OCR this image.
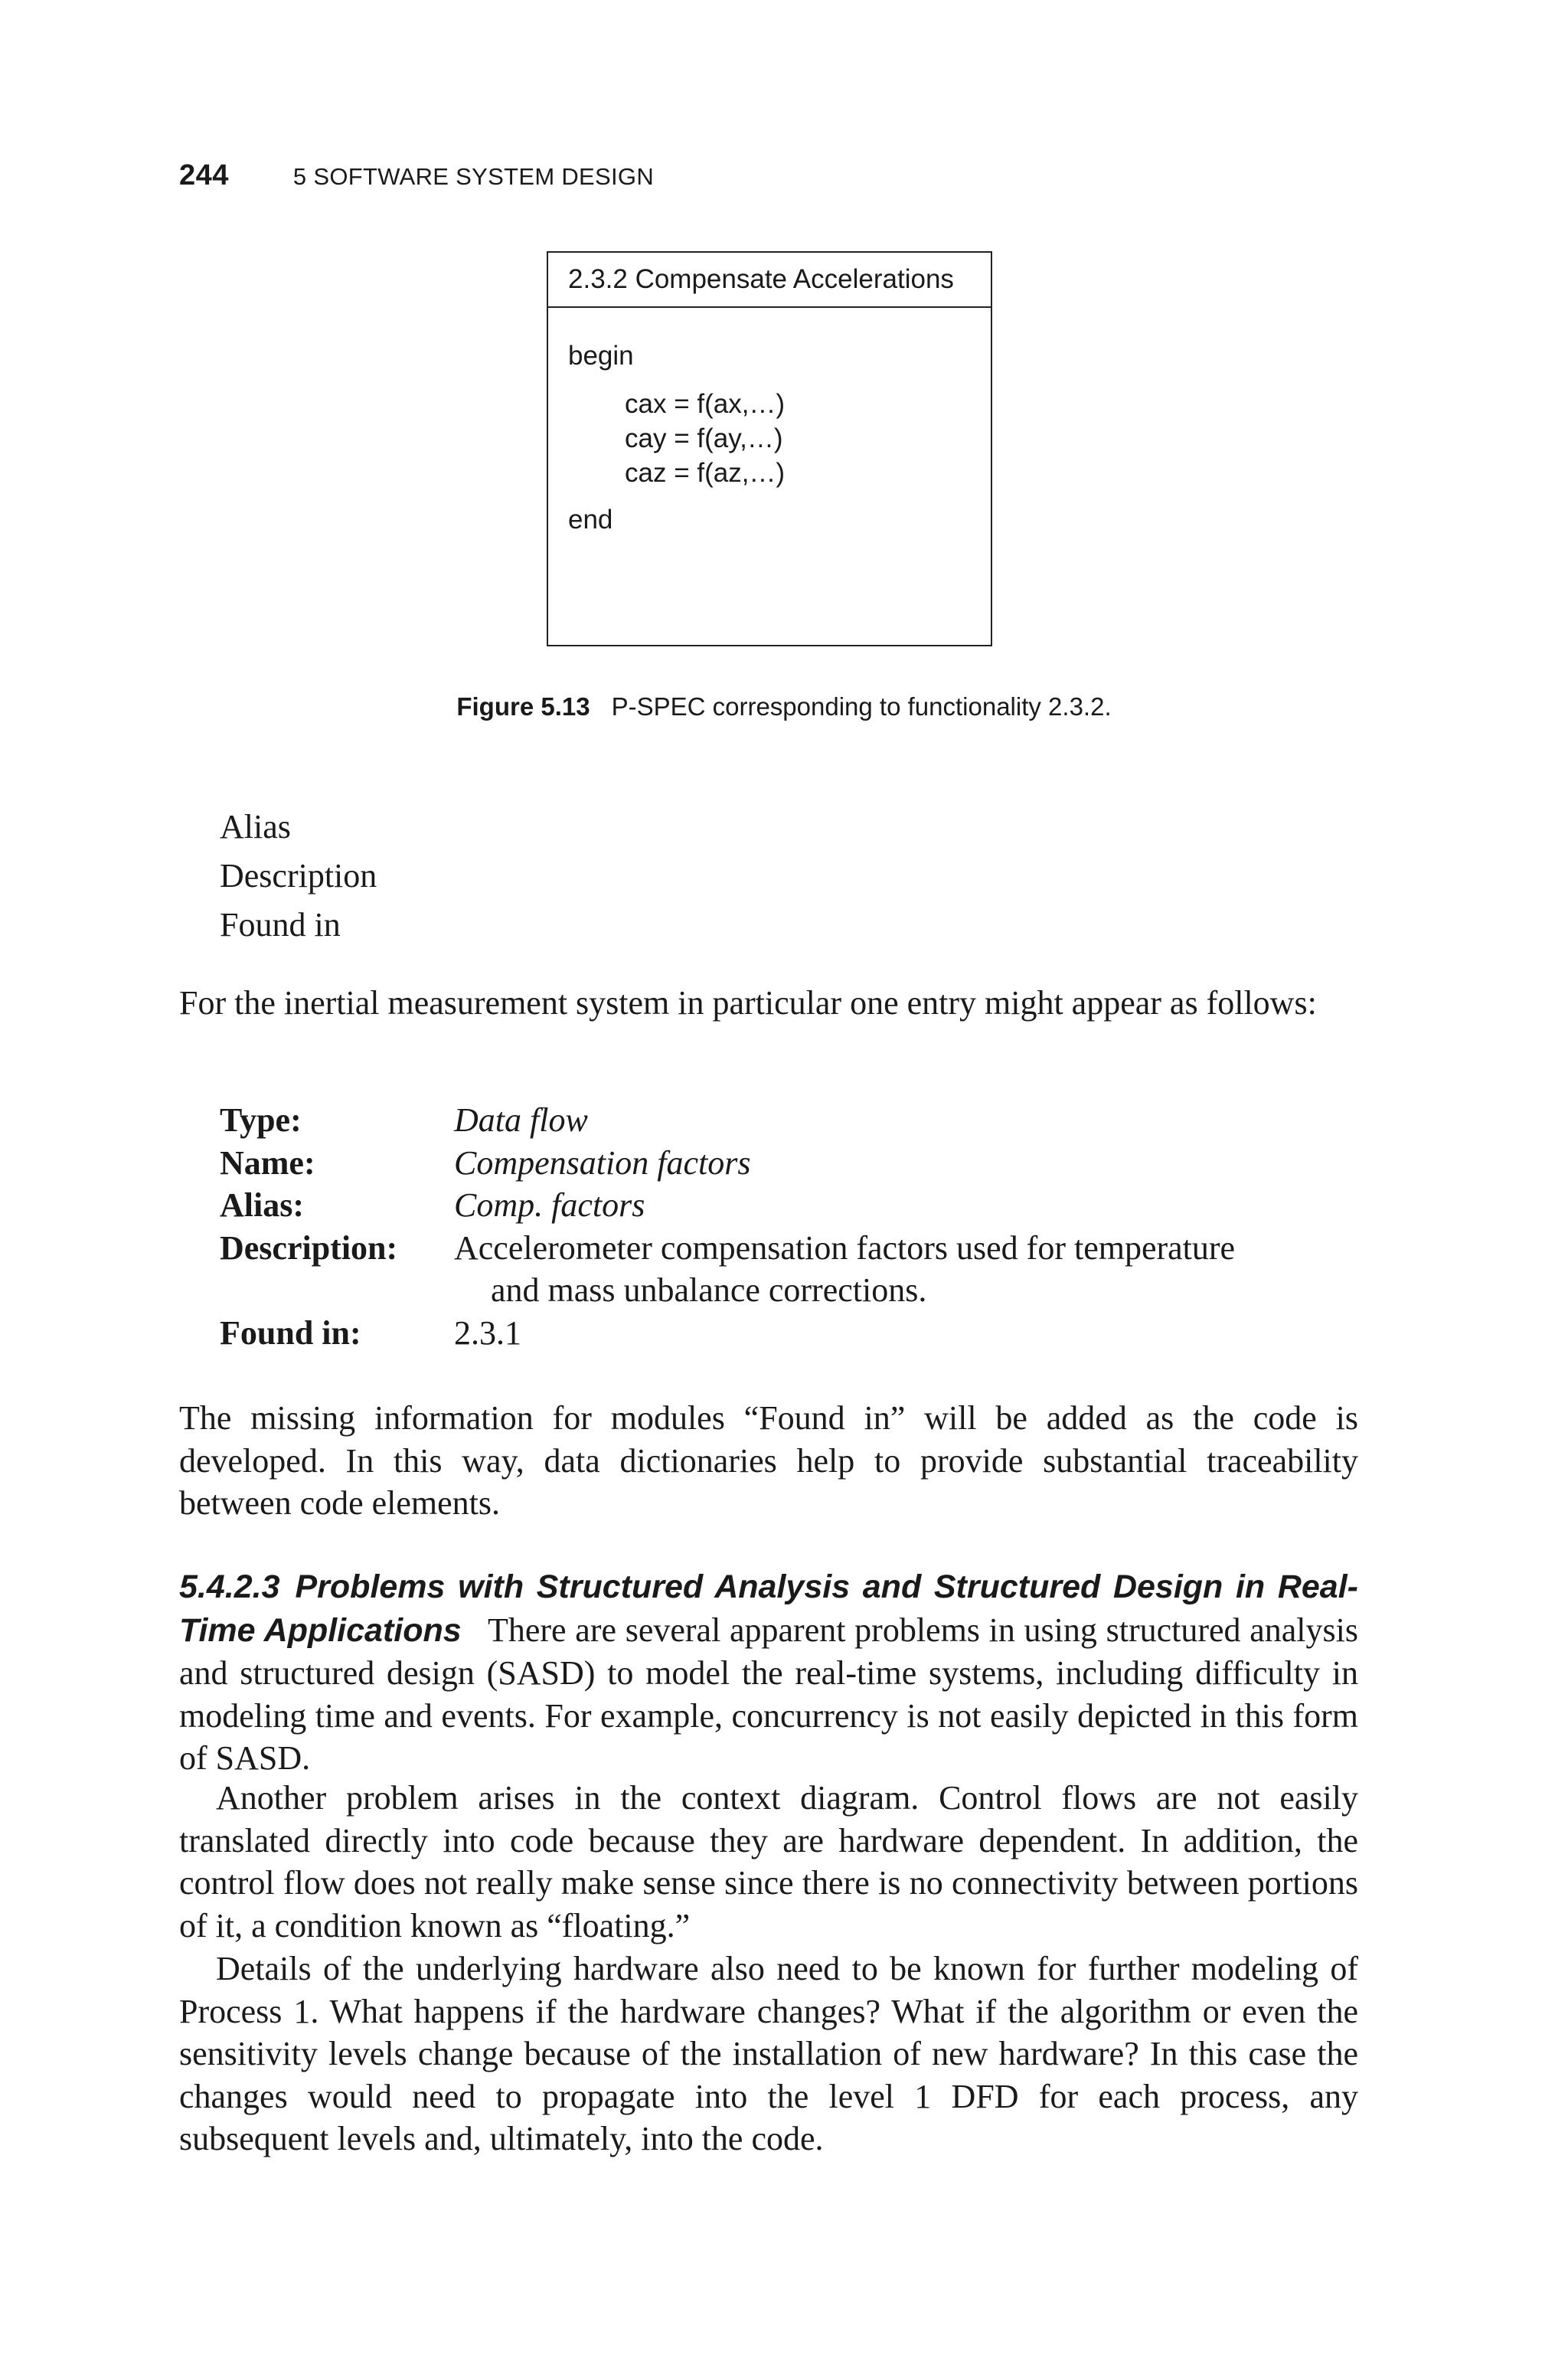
244	5 SOFTWARE SYSTEM DESIGN
2.3.2 Compensate Accelerations
begin
cax = f(ax,…)
cay = f(ay,…)
caz = f(az,…)
end
Figure 5.13 P-SPEC corresponding to functionality 2.3.2.
Alias
Description
Found in

For the inertial measurement system in particular one entry might appear as follows:

Type:	Data flow
Name:	Compensation factors
Alias:	Comp. factors
Description:	Accelerometer compensation factors used for temperature
and mass unbalance corrections.
Found in:	2.3.1

The missing information for modules “Found in” will be added as the code is developed. In this way, data dictionaries help to provide substantial traceability between code elements.

5.4.2.3 Problems with Structured Analysis and Structured Design in Real-Time Applications There are several apparent problems in using structured analysis and structured design (SASD) to model the real-time systems, including difficulty in modeling time and events. For example, concurrency is not easily depicted in this form of SASD.

Another problem arises in the context diagram. Control flows are not easily translated directly into code because they are hardware dependent. In addition, the control flow does not really make sense since there is no connectivity between portions of it, a condition known as “floating.”

Details of the underlying hardware also need to be known for further modeling of Process 1. What happens if the hardware changes? What if the algorithm or even the sensitivity levels change because of the installation of new hardware? In this case the changes would need to propagate into the level 1 DFD for each process, any subsequent levels and, ultimately, into the code.
